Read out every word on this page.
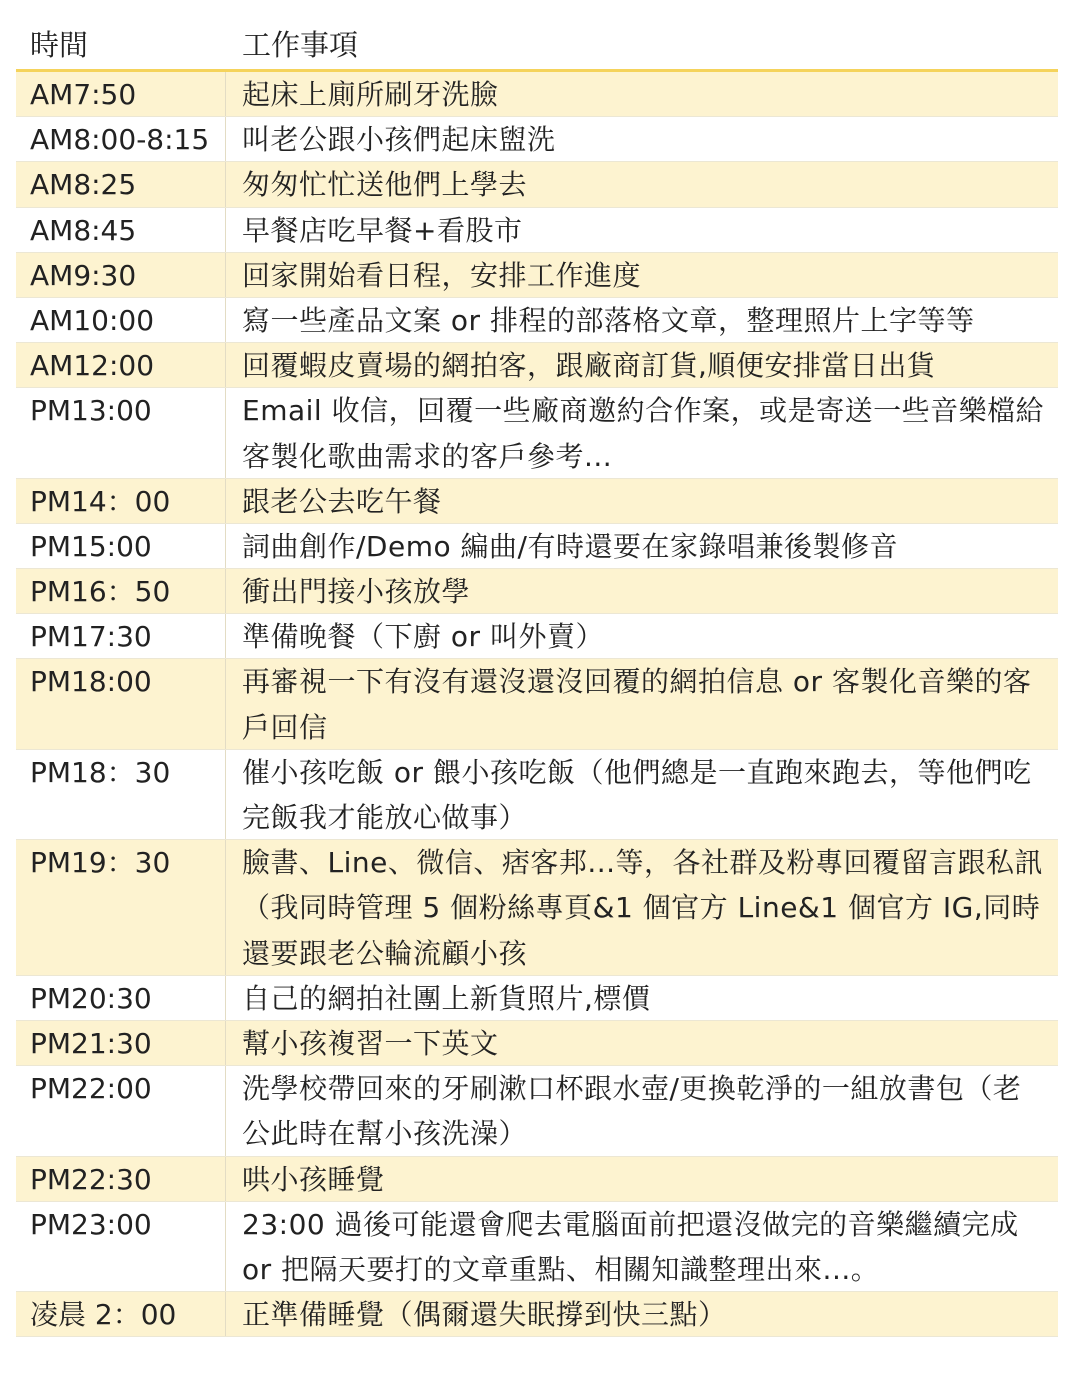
時間	工作事項
AM7:50	起床上廁所刷牙洗臉
AM8:00-8:15	叫老公跟小孩們起床盥洗
AM8:25	匆匆忙忙送他們上學去
AM8:45	早餐店吃早餐+看股市
AM9:30	回家開始看日程，安排工作進度
AM10:00	寫一些產品文案 or 排程的部落格文章，整理照片上字等等
AM12:00	回覆蝦皮賣場的網拍客，跟廠商訂貨,順便安排當日出貨
PM13:00	Email 收信，回覆一些廠商邀約合作案，或是寄送一些音樂檔給客製化歌曲需求的客戶參考...
PM14：00	跟老公去吃午餐
PM15:00	詞曲創作/Demo 編曲/有時還要在家錄唱兼後製修音
PM16：50	衝出門接小孩放學
PM17:30	準備晚餐（下廚 or 叫外賣）
PM18:00	再審視一下有沒有還沒還沒回覆的網拍信息 or 客製化音樂的客戶回信
PM18：30	催小孩吃飯 or 餵小孩吃飯（他們總是一直跑來跑去，等他們吃完飯我才能放心做事）
PM19：30	臉書、Line、微信、痞客邦...等，各社群及粉專回覆留言跟私訊（我同時管理 5 個粉絲專頁&1 個官方 Line&1 個官方 IG,同時還要跟老公輪流顧小孩
PM20:30	自己的網拍社團上新貨照片,標價
PM21:30	幫小孩複習一下英文
PM22:00	洗學校帶回來的牙刷漱口杯跟水壺/更換乾淨的一組放書包（老公此時在幫小孩洗澡）
PM22:30	哄小孩睡覺
PM23:00	23:00 過後可能還會爬去電腦面前把還沒做完的音樂繼續完成 or 把隔天要打的文章重點、相關知識整理出來...。
凌晨 2：00	正準備睡覺（偶爾還失眠撐到快三點）
